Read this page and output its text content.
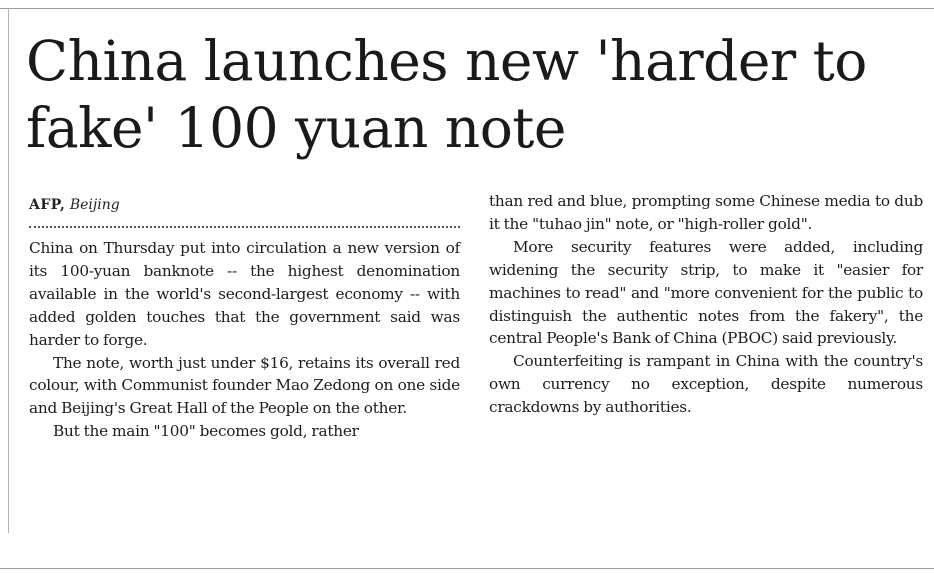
China launches new 'harder to fake' 100 yuan note
AFP, Beijing

China on Thursday put into circulation a new version of its 100-yuan banknote -- the highest denomination available in the world's second-largest economy -- with added golden touches that the government said was harder to forge.

The note, worth just under $16, retains its overall red colour, with Communist founder Mao Zedong on one side and Beijing's Great Hall of the People on the other.

But the main "100" becomes gold, rather

than red and blue, prompting some Chinese media to dub it the "tuhao jin" note, or "high-roller gold".

More security features were added, including widening the security strip, to make it "easier for machines to read" and "more convenient for the public to distinguish the authentic notes from the fakery", the central People's Bank of China (PBOC) said previously.

Counterfeiting is rampant in China with the country's own currency no exception, despite numerous crackdowns by authorities.
